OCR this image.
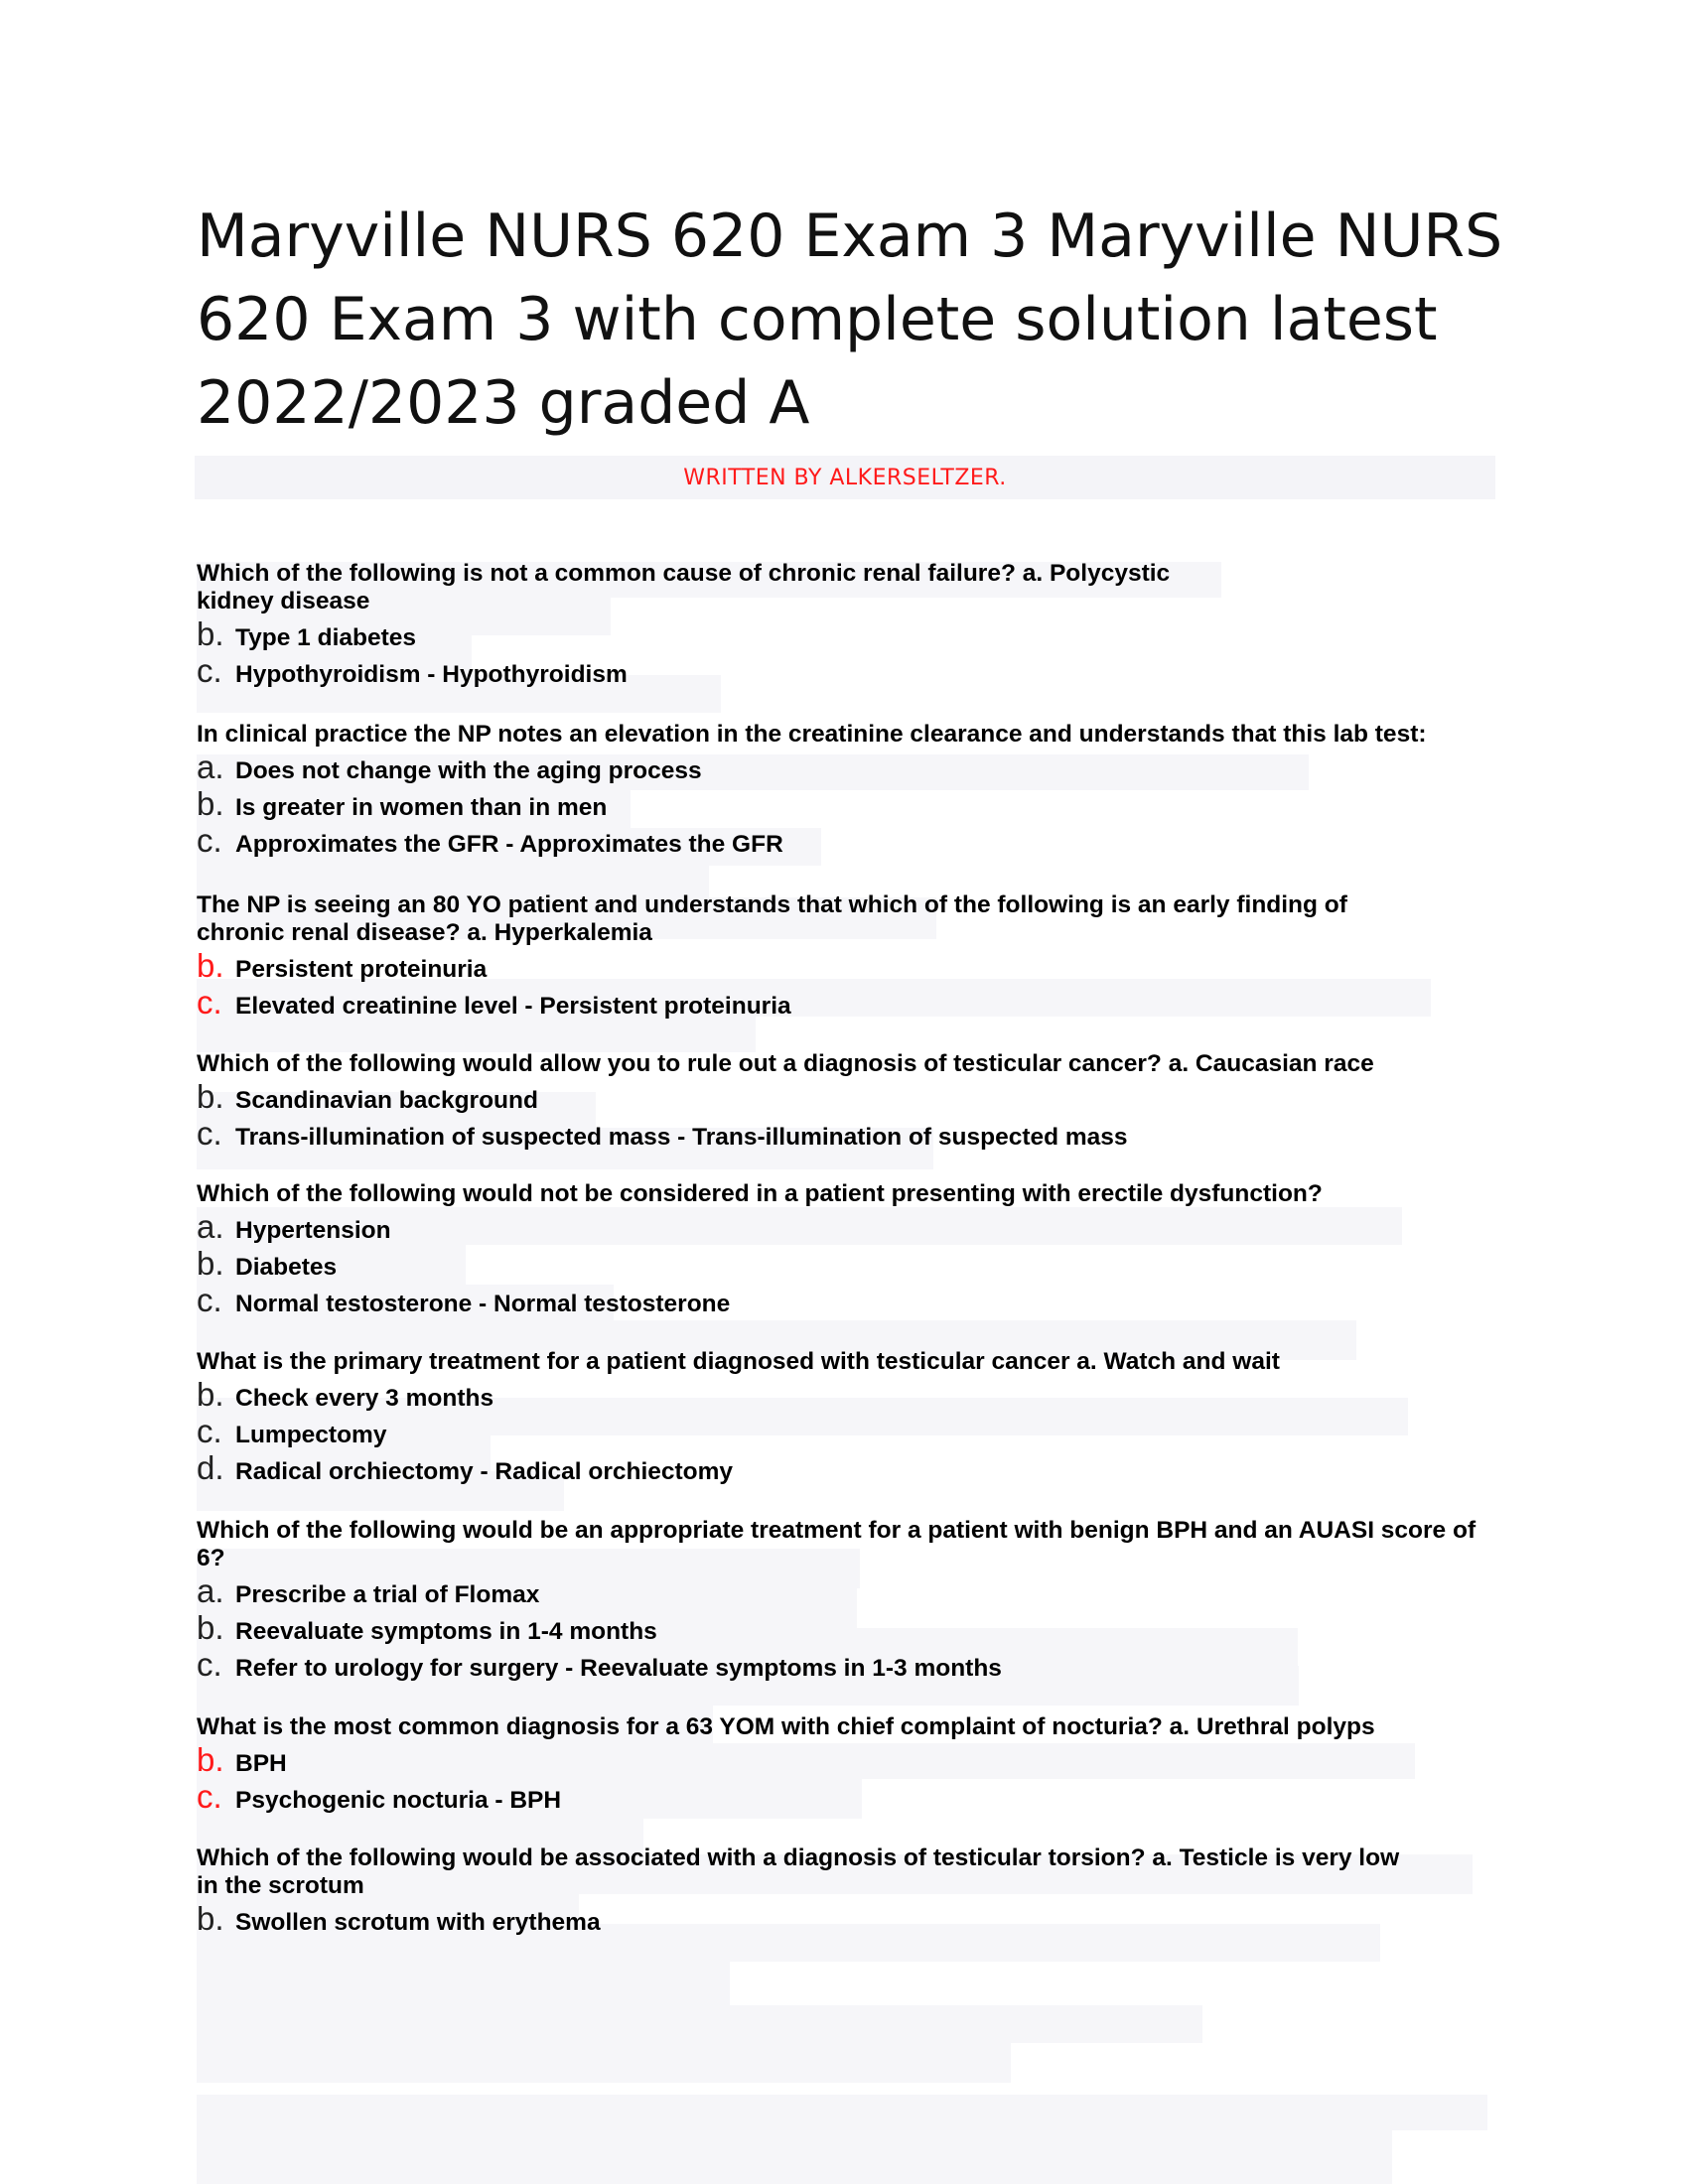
Maryville NURS 620 Exam 3 Maryville NURS 620 Exam 3 with complete solution latest 2022/2023 graded A
WRITTEN BY ALKERSELTZER.

Which of the following is not a common cause of chronic renal failure? a. Polycystic kidney disease

b. Type 1 diabetes
c. Hypothyroidism - Hypothyroidism

In clinical practice the NP notes an elevation in the creatinine clearance and understands that this lab test:

a. Does not change with the aging process
b. Is greater in women than in men
c. Approximates the GFR - Approximates the GFR

The NP is seeing an 80 YO patient and understands that which of the following is an early finding of chronic renal disease? a. Hyperkalemia

b. Persistent proteinuria
c. Elevated creatinine level - Persistent proteinuria

Which of the following would allow you to rule out a diagnosis of testicular cancer? a. Caucasian race

b. Scandinavian background
c. Trans-illumination of suspected mass - Trans-illumination of suspected mass

Which of the following would not be considered in a patient presenting with erectile dysfunction?

a. Hypertension
b. Diabetes
c. Normal testosterone - Normal testosterone

What is the primary treatment for a patient diagnosed with testicular cancer a. Watch and wait

b. Check every 3 months
c. Lumpectomy
d. Radical orchiectomy - Radical orchiectomy

Which of the following would be an appropriate treatment for a patient with benign BPH and an AUASI score of 6?

a. Prescribe a trial of Flomax
b. Reevaluate symptoms in 1-4 months
c. Refer to urology for surgery - Reevaluate symptoms in 1-3 months

What is the most common diagnosis for a 63 YOM with chief complaint of nocturia? a. Urethral polyps

b. BPH
c. Psychogenic nocturia - BPH

Which of the following would be associated with a diagnosis of testicular torsion? a. Testicle is very low in the scrotum

b. Swollen scrotum with erythema
